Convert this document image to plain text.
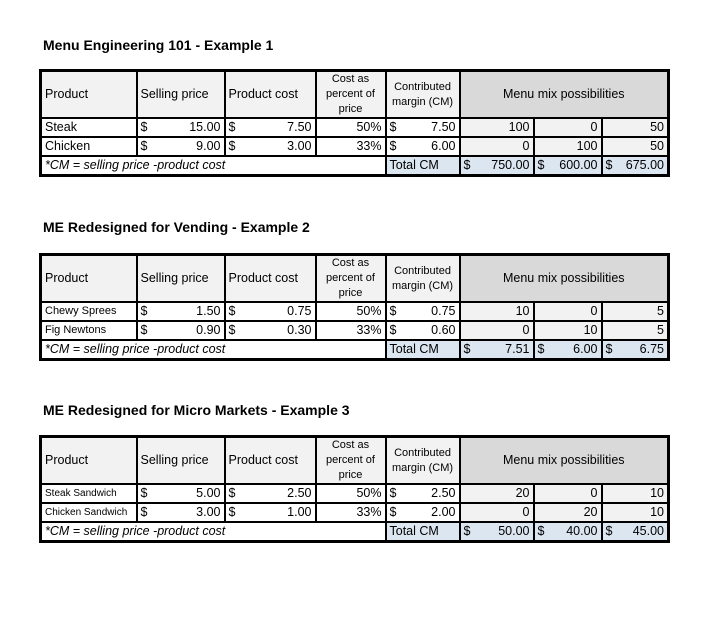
Menu Engineering 101 - Example 1
Product	Selling price	Product cost	Cost as percent of price	Contributed margin (CM)	Menu mix possibilities		
Steak	$ 15.00	$ 7.50	50%	$ 7.50	100	0	50
Chicken	$ 9.00	$ 3.00	33%	$ 6.00	0	100	50
*CM = selling price -product cost				Total CM	$ 750.00	$ 600.00	$ 675.00
ME Redesigned for Vending - Example 2
Product	Selling price	Product cost	Cost as percent of price	Contributed margin (CM)	Menu mix possibilities		
Chewy Sprees	$ 1.50	$ 0.75	50%	$ 0.75	10	0	5
Fig Newtons	$ 0.90	$ 0.30	33%	$ 0.60	0	10	5
*CM = selling price -product cost				Total CM	$ 7.51	$ 6.00	$ 6.75
ME Redesigned for Micro Markets - Example 3
Product	Selling price	Product cost	Cost as percent of price	Contributed margin (CM)	Menu mix possibilities		
Steak Sandwich	$ 5.00	$ 2.50	50%	$ 2.50	20	0	10
Chicken Sandwich	$ 3.00	$ 1.00	33%	$ 2.00	0	20	10
*CM = selling price -product cost				Total CM	$ 50.00	$ 40.00	$ 45.00
